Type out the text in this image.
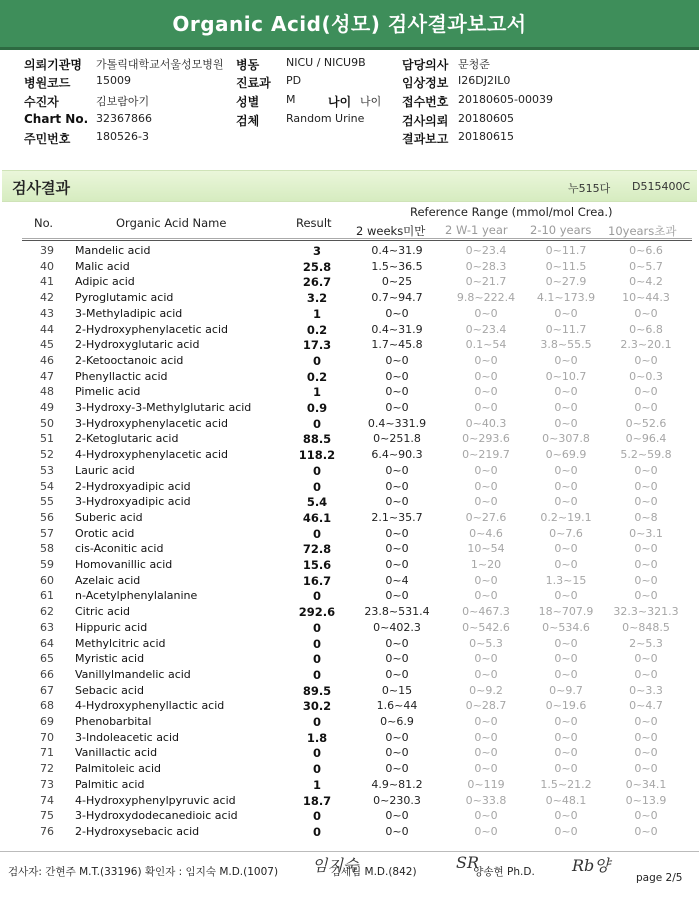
Organic Acid(성모) 검사결과보고서
의뢰기관명 가톨릭대학교서울성모병원 병동 NICU / NICU9B	담당의사 문청준
병원코드 15009	진료과 PD	임상정보 I26DJ2IL0
수진자	김보람아기	성별 M	나이 나이 접수번호 20180605-00039
Chart No. 32367866	검체 Random Urine	검사의뢰 20180605
주민번호 180526-3	결과보고 20180615
검사결과	누515다 D515400C
No.	Organic Acid Name	Result
Reference Range (mmol/mol Crea.)
2 weeks미만 2 W-1 year 2-10 years 10years초과
39 Mandelic acid	3	0.4~31.9	0~23.4	0~11.7	0~6.6
40 Malic acid	25.8	1.5~36.5	0~28.3	0~11.5	0~5.7
41 Adipic acid	26.7	0~25	0~21.7	0~27.9	0~4.2
42 Pyroglutamic acid	3.2	0.7~94.7	9.8~222.4	4.1~173.9	10~44.3
43 3-Methyladipic acid	1	0~0	0~0	0~0	0~0
44 2-Hydroxyphenylacetic acid	0.2	0.4~31.9	0~23.4	0~11.7	0~6.8
45 2-Hydroxyglutaric acid	17.3	1.7~45.8	0.1~54	3.8~55.5	2.3~20.1
46 2-Ketooctanoic acid	0	0~0	0~0	0~0	0~0
47 Phenyllactic acid	0.2	0~0	0~0	0~10.7	0~0.3
48 Pimelic acid	1	0~0	0~0	0~0	0~0
49 3-Hydroxy-3-Methylglutaric acid	0.9	0~0	0~0	0~0	0~0
50 3-Hydroxyphenylacetic acid	0	0.4~331.9	0~40.3	0~0	0~52.6
51 2-Ketoglutaric acid	88.5	0~251.8	0~293.6	0~307.8	0~96.4
52 4-Hydroxyphenylacetic acid	118.2	6.4~90.3	0~219.7	0~69.9	5.2~59.8
53 Lauric acid	0	0~0	0~0	0~0	0~0
54 2-Hydroxyadipic acid	0	0~0	0~0	0~0	0~0
55 3-Hydroxyadipic acid	5.4	0~0	0~0	0~0	0~0
56 Suberic acid	46.1	2.1~35.7	0~27.6	0.2~19.1	0~8
57 Orotic acid	0	0~0	0~4.6	0~7.6	0~3.1
58 cis-Aconitic acid	72.8	0~0	10~54	0~0	0~0
59 Homovanillic acid	15.6	0~0	1~20	0~0	0~0
60 Azelaic acid	16.7	0~4	0~0	1.3~15	0~0
61 n-Acetylphenylalanine	0	0~0	0~0	0~0	0~0
62 Citric acid	292.6	23.8~531.4	0~467.3	18~707.9	32.3~321.3
63 Hippuric acid	0	0~402.3	0~542.6	0~534.6	0~848.5
64 Methylcitric acid	0	0~0	0~5.3	0~0	2~5.3
65 Myristic acid	0	0~0	0~0	0~0	0~0
66 Vanillylmandelic acid	0	0~0	0~0	0~0	0~0
67 Sebacic acid	89.5	0~15	0~9.2	0~9.7	0~3.3
68 4-Hydroxyphenyllactic acid	30.2	1.6~44	0~28.7	0~19.6	0~4.7
69 Phenobarbital	0	0~6.9	0~0	0~0	0~0
70 3-Indoleacetic acid	1.8	0~0	0~0	0~0	0~0
71 Vanillactic acid	0	0~0	0~0	0~0	0~0
72 Palmitoleic acid	0	0~0	0~0	0~0	0~0
73 Palmitic acid	1	4.9~81.2	0~119	1.5~21.2	0~34.1
74 4-Hydroxyphenylpyruvic acid	18.7	0~230.3	0~33.8	0~48.1	0~13.9
75 3-Hydroxydodecanedioic acid	0	0~0	0~0	0~0	0~0
76 2-Hydroxysebacic acid	0	0~0	0~0	0~0	0~0
검사자: 간현주 M.T.(33196) 확인자 : 임지숙 M.D.(1007)	김세림 M.D.(842)	양송현 Ph.D.
임지숙	SR	Rb양
page 2/5
